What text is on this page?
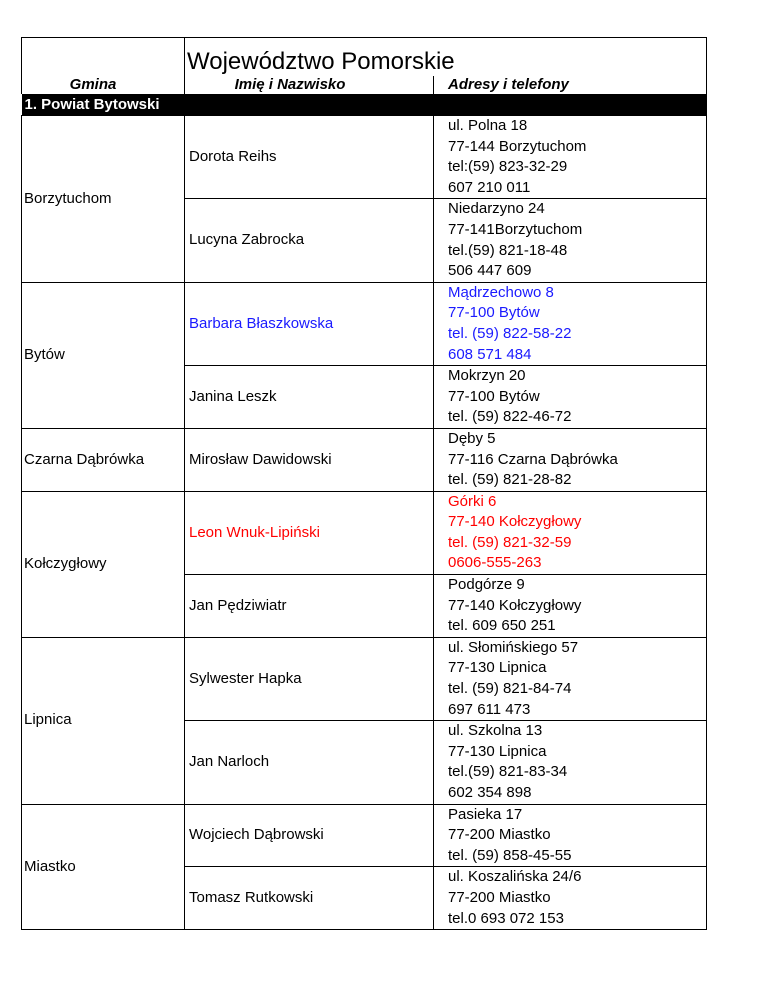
	Województwo Pomorskie	
Gmina	Imię i Nazwisko	Adresy i telefony
1. Powiat Bytowski		
Borzytuchom	Dorota Reihs	ul. Polna 18
77-144 Borzytuchom
tel:(59) 823-32-29
607 210 011

	Lucyna Zabrocka	Niedarzyno 24
77-141Borzytuchom
tel.(59) 821-18-48
506 447 609

Bytów	Barbara Błaszkowska	Mądrzechowo 8
77-100 Bytów
tel. (59) 822-58-22
608 571 484

	Janina Leszk	Mokrzyn 20
77-100 Bytów
tel. (59) 822-46-72

Czarna Dąbrówka	Mirosław Dawidowski	Dęby 5
77-116 Czarna Dąbrówka
tel. (59) 821-28-82

Kołczygłowy	Leon Wnuk-Lipiński	Górki 6
77-140 Kołczygłowy
tel. (59) 821-32-59
0606-555-263

	Jan Pędziwiatr	Podgórze 9
77-140 Kołczygłowy
tel. 609 650 251

Lipnica	Sylwester Hapka	ul. Słomińskiego 57
77-130 Lipnica
tel. (59) 821-84-74
697 611 473

	Jan Narloch	ul. Szkolna 13
77-130 Lipnica
tel.(59) 821-83-34
602 354 898

Miastko	Wojciech Dąbrowski	Pasieka 17
77-200 Miastko
tel. (59) 858-45-55

	Tomasz Rutkowski	ul. Koszalińska 24/6
77-200 Miastko
tel.0 693 072 153
